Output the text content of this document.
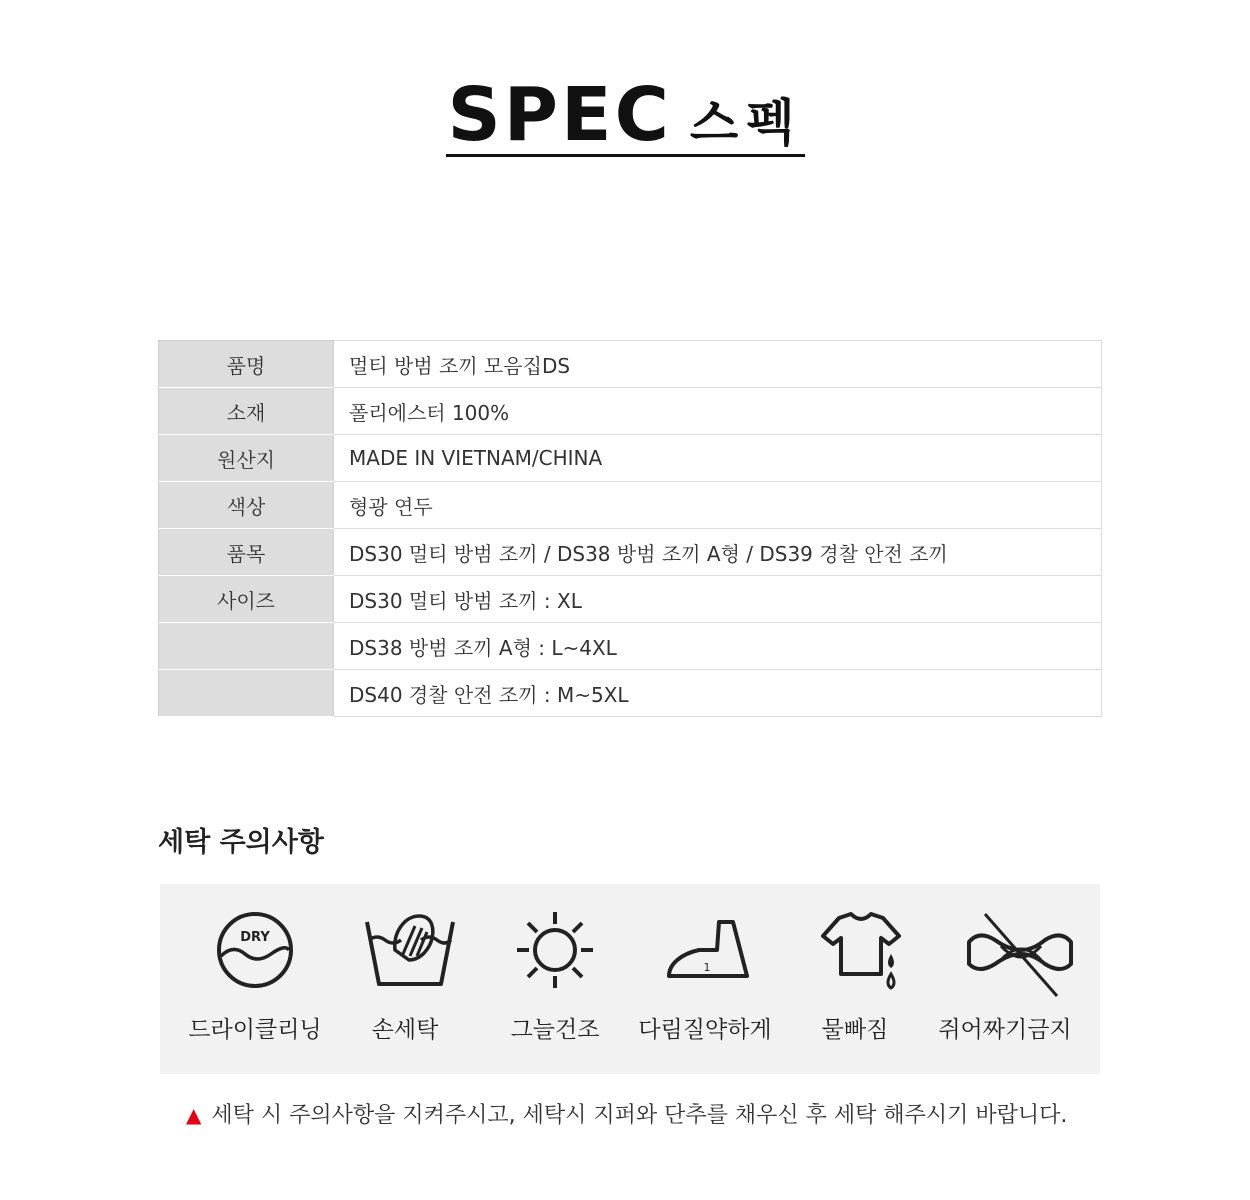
SPEC 스펙
품명	멀티 방범 조끼 모음집DS
소재	폴리에스터 100%
원산지	MADE IN VIETNAM/CHINA
색상	형광 연두
품목	DS30 멀티 방범 조끼 / DS38 방범 조끼 A형 / DS39 경찰 안전 조끼
사이즈	DS30 멀티 방범 조끼 : XL
	DS38 방범 조끼 A형 : L~4XL
	DS40 경찰 안전 조끼 : M~5XL
세탁 주의사항
DRY
드라이클리닝	손세탁	그늘건조
1
다림질약하게	물빠짐	쥐어짜기금지
▲ 세탁 시 주의사항을 지켜주시고, 세탁시 지퍼와 단추를 채우신 후 세탁 해주시기 바랍니다.
